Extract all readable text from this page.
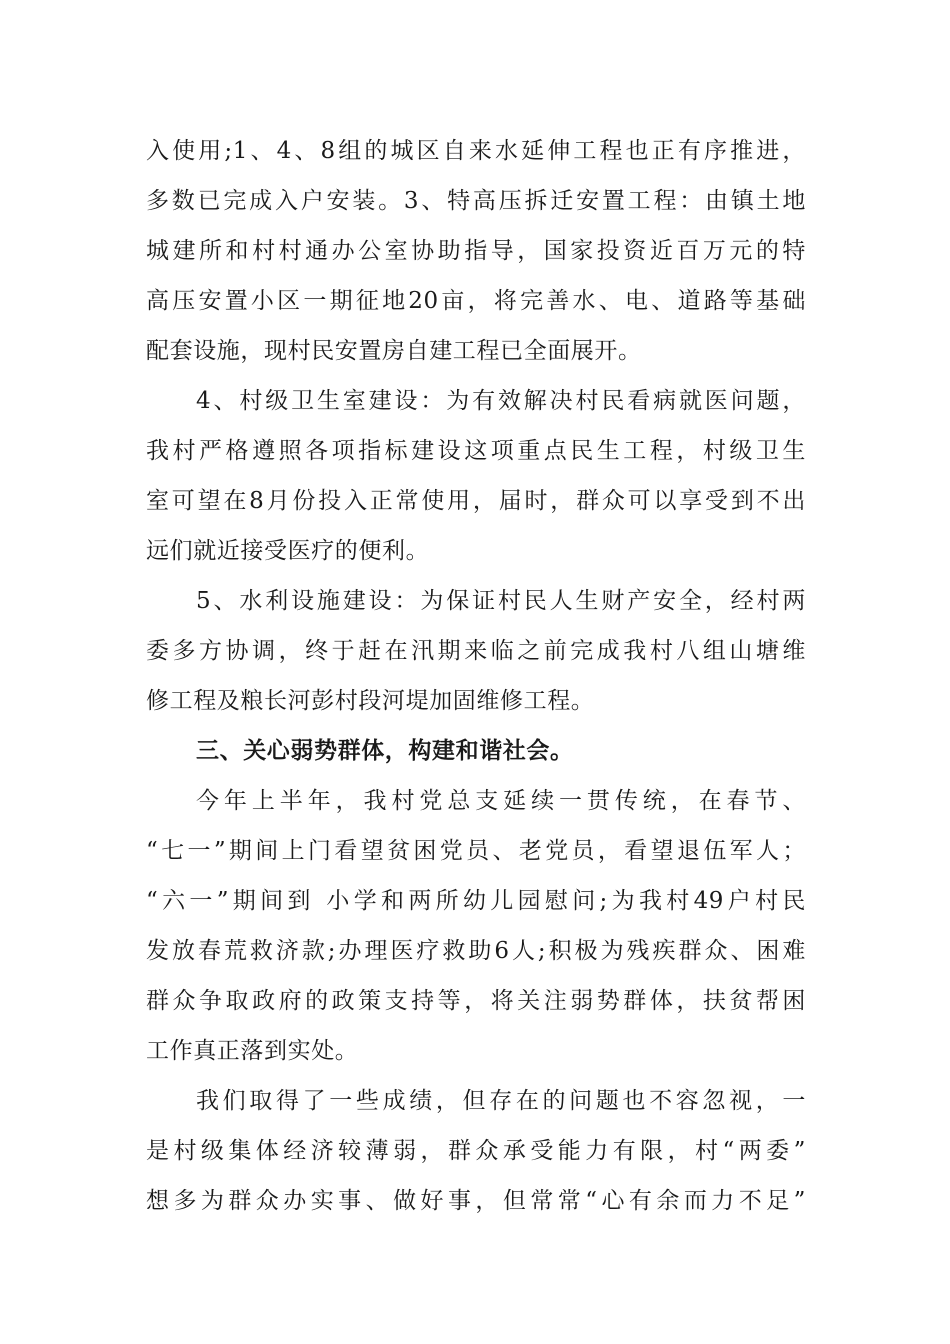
入使用;1、4、8组的城区自来水延伸工程也正有序推进，
多数已完成入户安装。3、特高压拆迁安置工程：由镇土地
城建所和村村通办公室协助指导，国家投资近百万元的特
高压安置小区一期征地20亩，将完善水、电、道路等基础
配套设施，现村民安置房自建工程已全面展开。
4、村级卫生室建设：为有效解决村民看病就医问题，
我村严格遵照各项指标建设这项重点民生工程，村级卫生
室可望在8月份投入正常使用，届时，群众可以享受到不出
远们就近接受医疗的便利。
5、水利设施建设：为保证村民人生财产安全，经村两
委多方协调，终于赶在汛期来临之前完成我村八组山塘维
修工程及粮长河彭村段河堤加固维修工程。
三、关心弱势群体，构建和谐社会。
今年上半年，我村党总支延续一贯传统，在春节、
“七一”期间上门看望贫困党员、老党员，看望退伍军人；
“六一”期间到 小学和两所幼儿园慰问;为我村49户村民
发放春荒救济款;办理医疗救助6人;积极为残疾群众、困难
群众争取政府的政策支持等，将关注弱势群体，扶贫帮困
工作真正落到实处。
我们取得了一些成绩，但存在的问题也不容忽视，一
是村级集体经济较薄弱，群众承受能力有限，村“两委”
想多为群众办实事、做好事，但常常“心有余而力不足”
